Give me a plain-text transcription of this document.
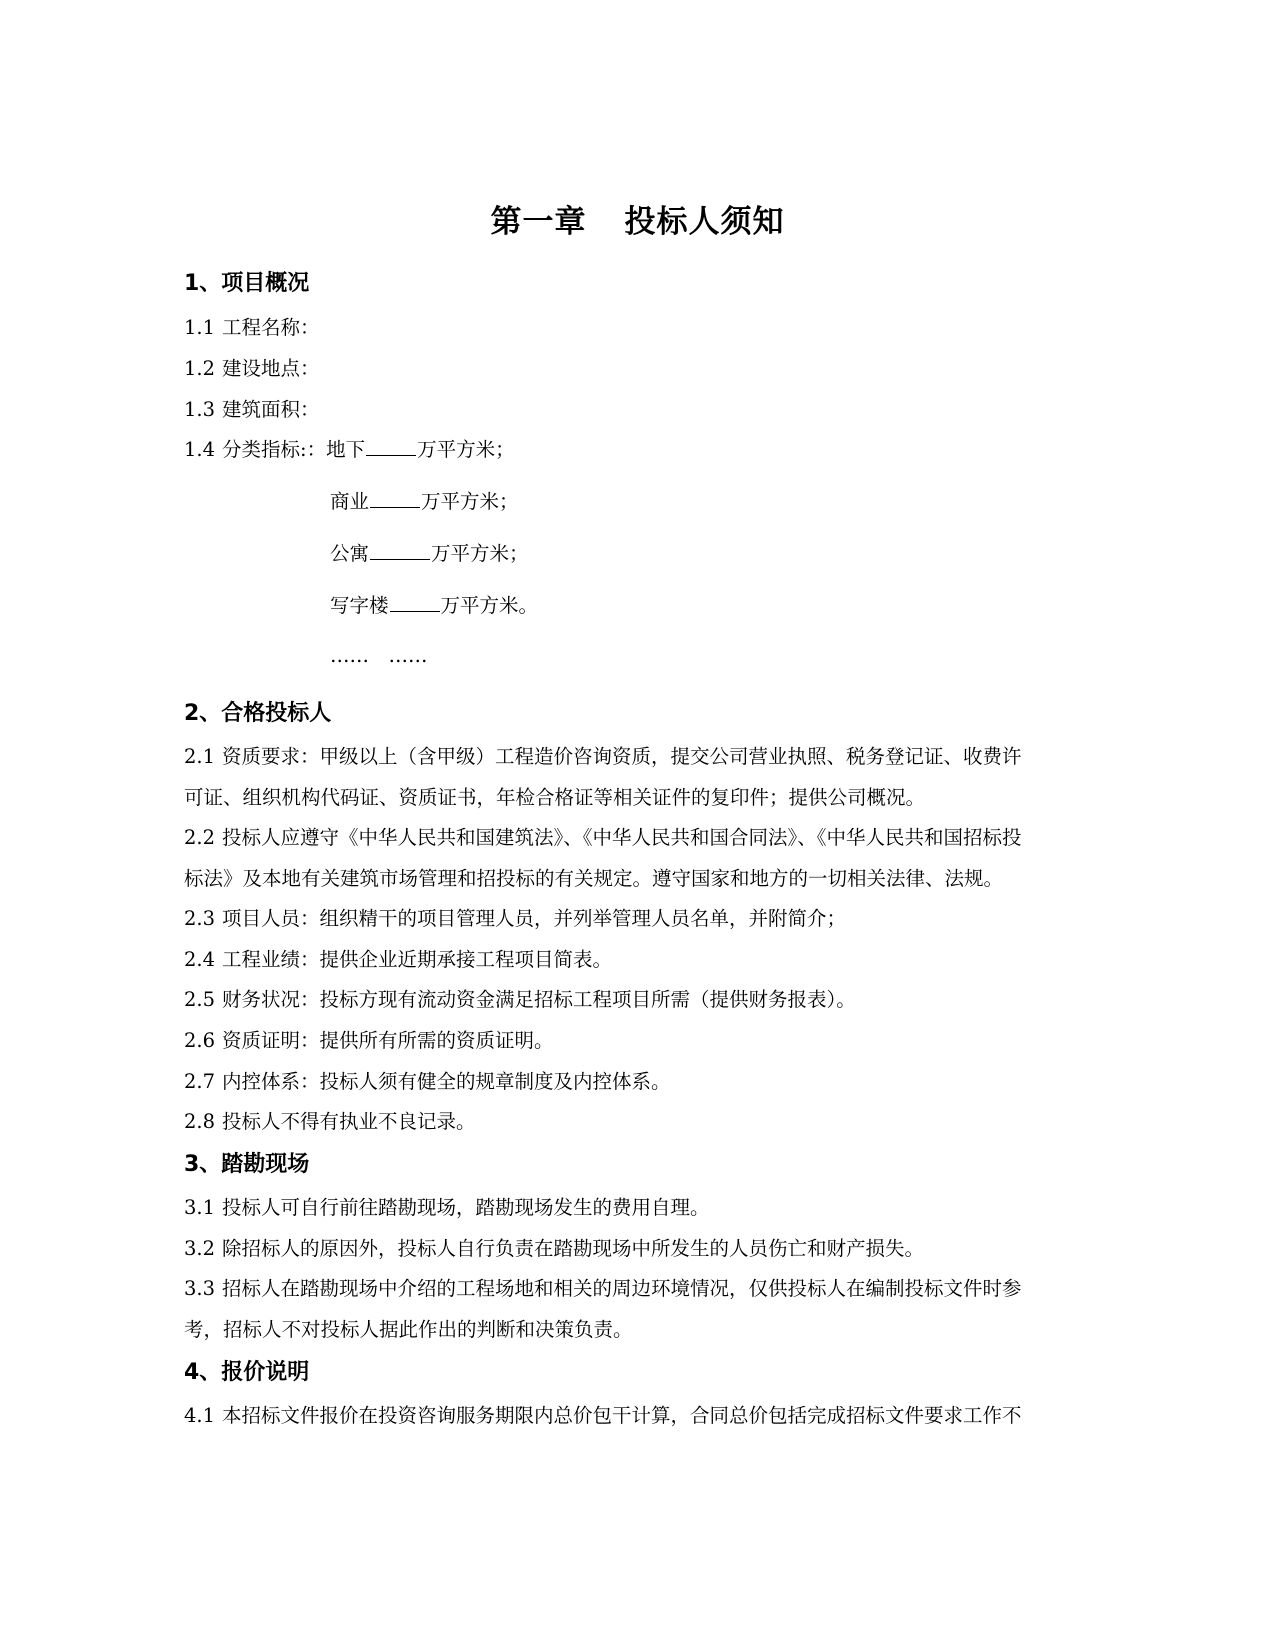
第一章 投标人须知
1、项目概况
1.1 工程名称：
1.2 建设地点：
1.3 建筑面积：
1.4 分类指标:：地下	万平方米；
商业	万平方米；
公寓	万平方米；
写字楼	万平方米。
……　……
2、合格投标人
2.1 资质要求：甲级以上（含甲级）工程造价咨询资质，提交公司营业执照、税务登记证、收费许
可证、组织机构代码证、资质证书，年检合格证等相关证件的复印件；提供公司概况。
2.2 投标人应遵守《中华人民共和国建筑法》、《中华人民共和国合同法》、《中华人民共和国招标投
标法》及本地有关建筑市场管理和招投标的有关规定。遵守国家和地方的一切相关法律、法规。
2.3 项目人员：组织精干的项目管理人员，并列举管理人员名单，并附简介；
2.4 工程业绩：提供企业近期承接工程项目简表。
2.5 财务状况：投标方现有流动资金满足招标工程项目所需（提供财务报表）。
2.6 资质证明：提供所有所需的资质证明。
2.7 内控体系：投标人须有健全的规章制度及内控体系。
2.8 投标人不得有执业不良记录。
3、踏勘现场
3.1 投标人可自行前往踏勘现场，踏勘现场发生的费用自理。
3.2 除招标人的原因外，投标人自行负责在踏勘现场中所发生的人员伤亡和财产损失。
3.3 招标人在踏勘现场中介绍的工程场地和相关的周边环境情况，仅供投标人在编制投标文件时参
考，招标人不对投标人据此作出的判断和决策负责。
4、报价说明
4.1 本招标文件报价在投资咨询服务期限内总价包干计算，合同总价包括完成招标文件要求工作不
